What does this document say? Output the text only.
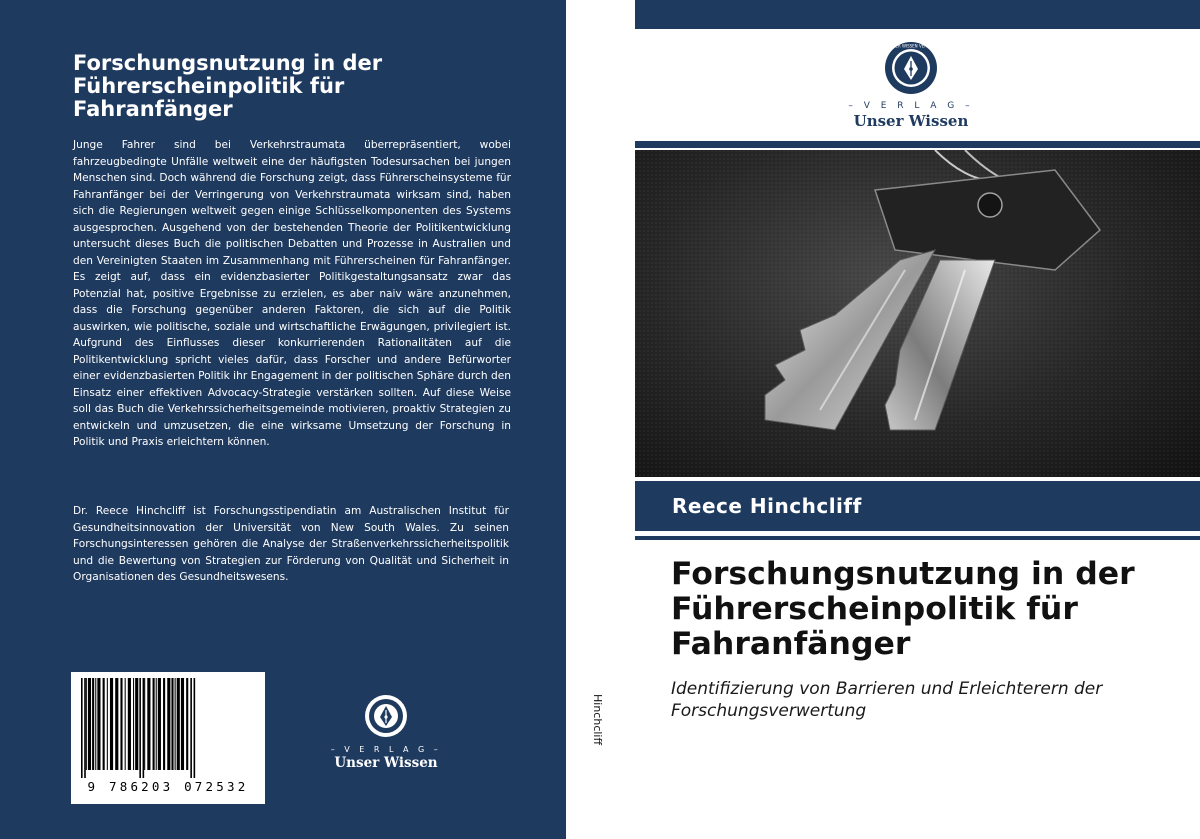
Forschungsnutzung in der
Führerscheinpolitik für
Fahranfänger
Junge Fahrer sind bei Verkehrstraumata überrepräsentiert, wobei fahrzeugbedingte Unfälle weltweit eine der häufigsten Todesursachen bei jungen Menschen sind. Doch während die Forschung zeigt, dass Führerscheinsysteme für Fahranfänger bei der Verringerung von Verkehrstraumata wirksam sind, haben sich die Regierungen weltweit gegen einige Schlüsselkomponenten des Systems ausgesprochen. Ausgehend von der bestehenden Theorie der Politikentwicklung untersucht dieses Buch die politischen Debatten und Prozesse in Australien und den Vereinigten Staaten im Zusammenhang mit Führerscheinen für Fahranfänger. Es zeigt auf, dass ein evidenzbasierter Politikgestaltungsansatz zwar das Potenzial hat, positive Ergebnisse zu erzielen, es aber naiv wäre anzunehmen, dass die Forschung gegenüber anderen Faktoren, die sich auf die Politik auswirken, wie politische, soziale und wirtschaftliche Erwägungen, privilegiert ist. Aufgrund des Einflusses dieser konkurrierenden Rationalitäten auf die Politikentwicklung spricht vieles dafür, dass Forscher und andere Befürworter einer evidenzbasierten Politik ihr Engagement in der politischen Sphäre durch den Einsatz einer effektiven Advocacy-Strategie verstärken sollten. Auf diese Weise soll das Buch die Verkehrssicherheitsgemeinde motivieren, proaktiv Strategien zu entwickeln und umzusetzen, die eine wirksame Umsetzung der Forschung in Politik und Praxis erleichtern können.
Dr. Reece Hinchcliff ist Forschungsstipendiatin am Australischen Institut für Gesundheitsinnovation der Universität von New South Wales. Zu seinen Forschungsinteressen gehören die Analyse der Straßenverkehrssicherheitspolitik und die Bewertung von Strategien zur Förderung von Qualität und Sicherheit in Organisationen des Gesundheitswesens.
9 786203 072532
– V E R L A G –
Unser Wissen
Hinchcliff
UNSER WISSEN VERLAG
– V E R L A G –
Unser Wissen
Reece Hinchcliff
Forschungsnutzung in der
Führerscheinpolitik für
Fahranfänger
Identifizierung von Barrieren und Erleichterern der
Forschungsverwertung
